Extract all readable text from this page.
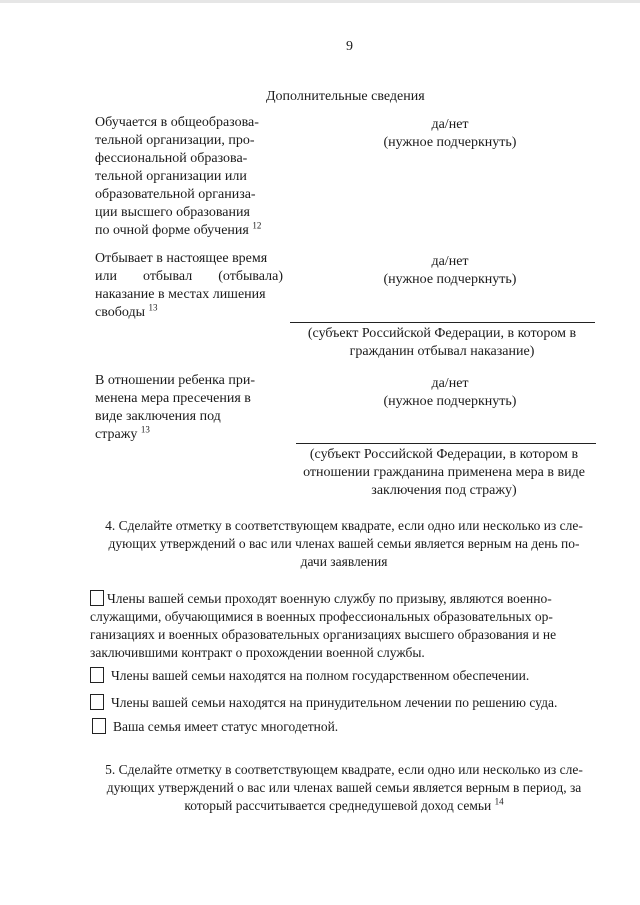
9
Дополнительные сведения
Обучается в общеобразова-
тельной организации, про-
фессиональной образова-
тельной организации или
образовательной организа-
ции высшего образования
по очной форме обучения $^{12}$
да/нет
(нужное подчеркнуть)
Отбывает в настоящее время
или отбывал (отбывала)
наказание в местах лишения
свободы $^{13}$
да/нет
(нужное подчеркнуть)
(субъект Российской Федерации, в котором в
гражданин отбывал наказание)
В отношении ребенка при-
менена мера пресечения в
виде заключения под
стражу $^{13}$
да/нет
(нужное подчеркнуть)
(субъект Российской Федерации, в котором в
отношении гражданина применена мера в виде
заключения под стражу)
4. Сделайте отметку в соответствующем квадрате, если одно или несколько из сле-
дующих утверждений о вас или членах вашей семьи является верным на день по-
дачи заявления
Члены вашей семьи проходят военную службу по призыву, являются военно-
служащими, обучающимися в военных профессиональных образовательных ор-
ганизациях и военных образовательных организациях высшего образования и не
заключившими контракт о прохождении военной службы.
Члены вашей семьи находятся на полном государственном обеспечении.
Члены вашей семьи находятся на принудительном лечении по решению суда.
Ваша семья имеет статус многодетной.
5. Сделайте отметку в соответствующем квадрате, если одно или несколько из сле-
дующих утверждений о вас или членах вашей семьи является верным в период, за
который рассчитывается среднедушевой доход семьи $^{14}$
